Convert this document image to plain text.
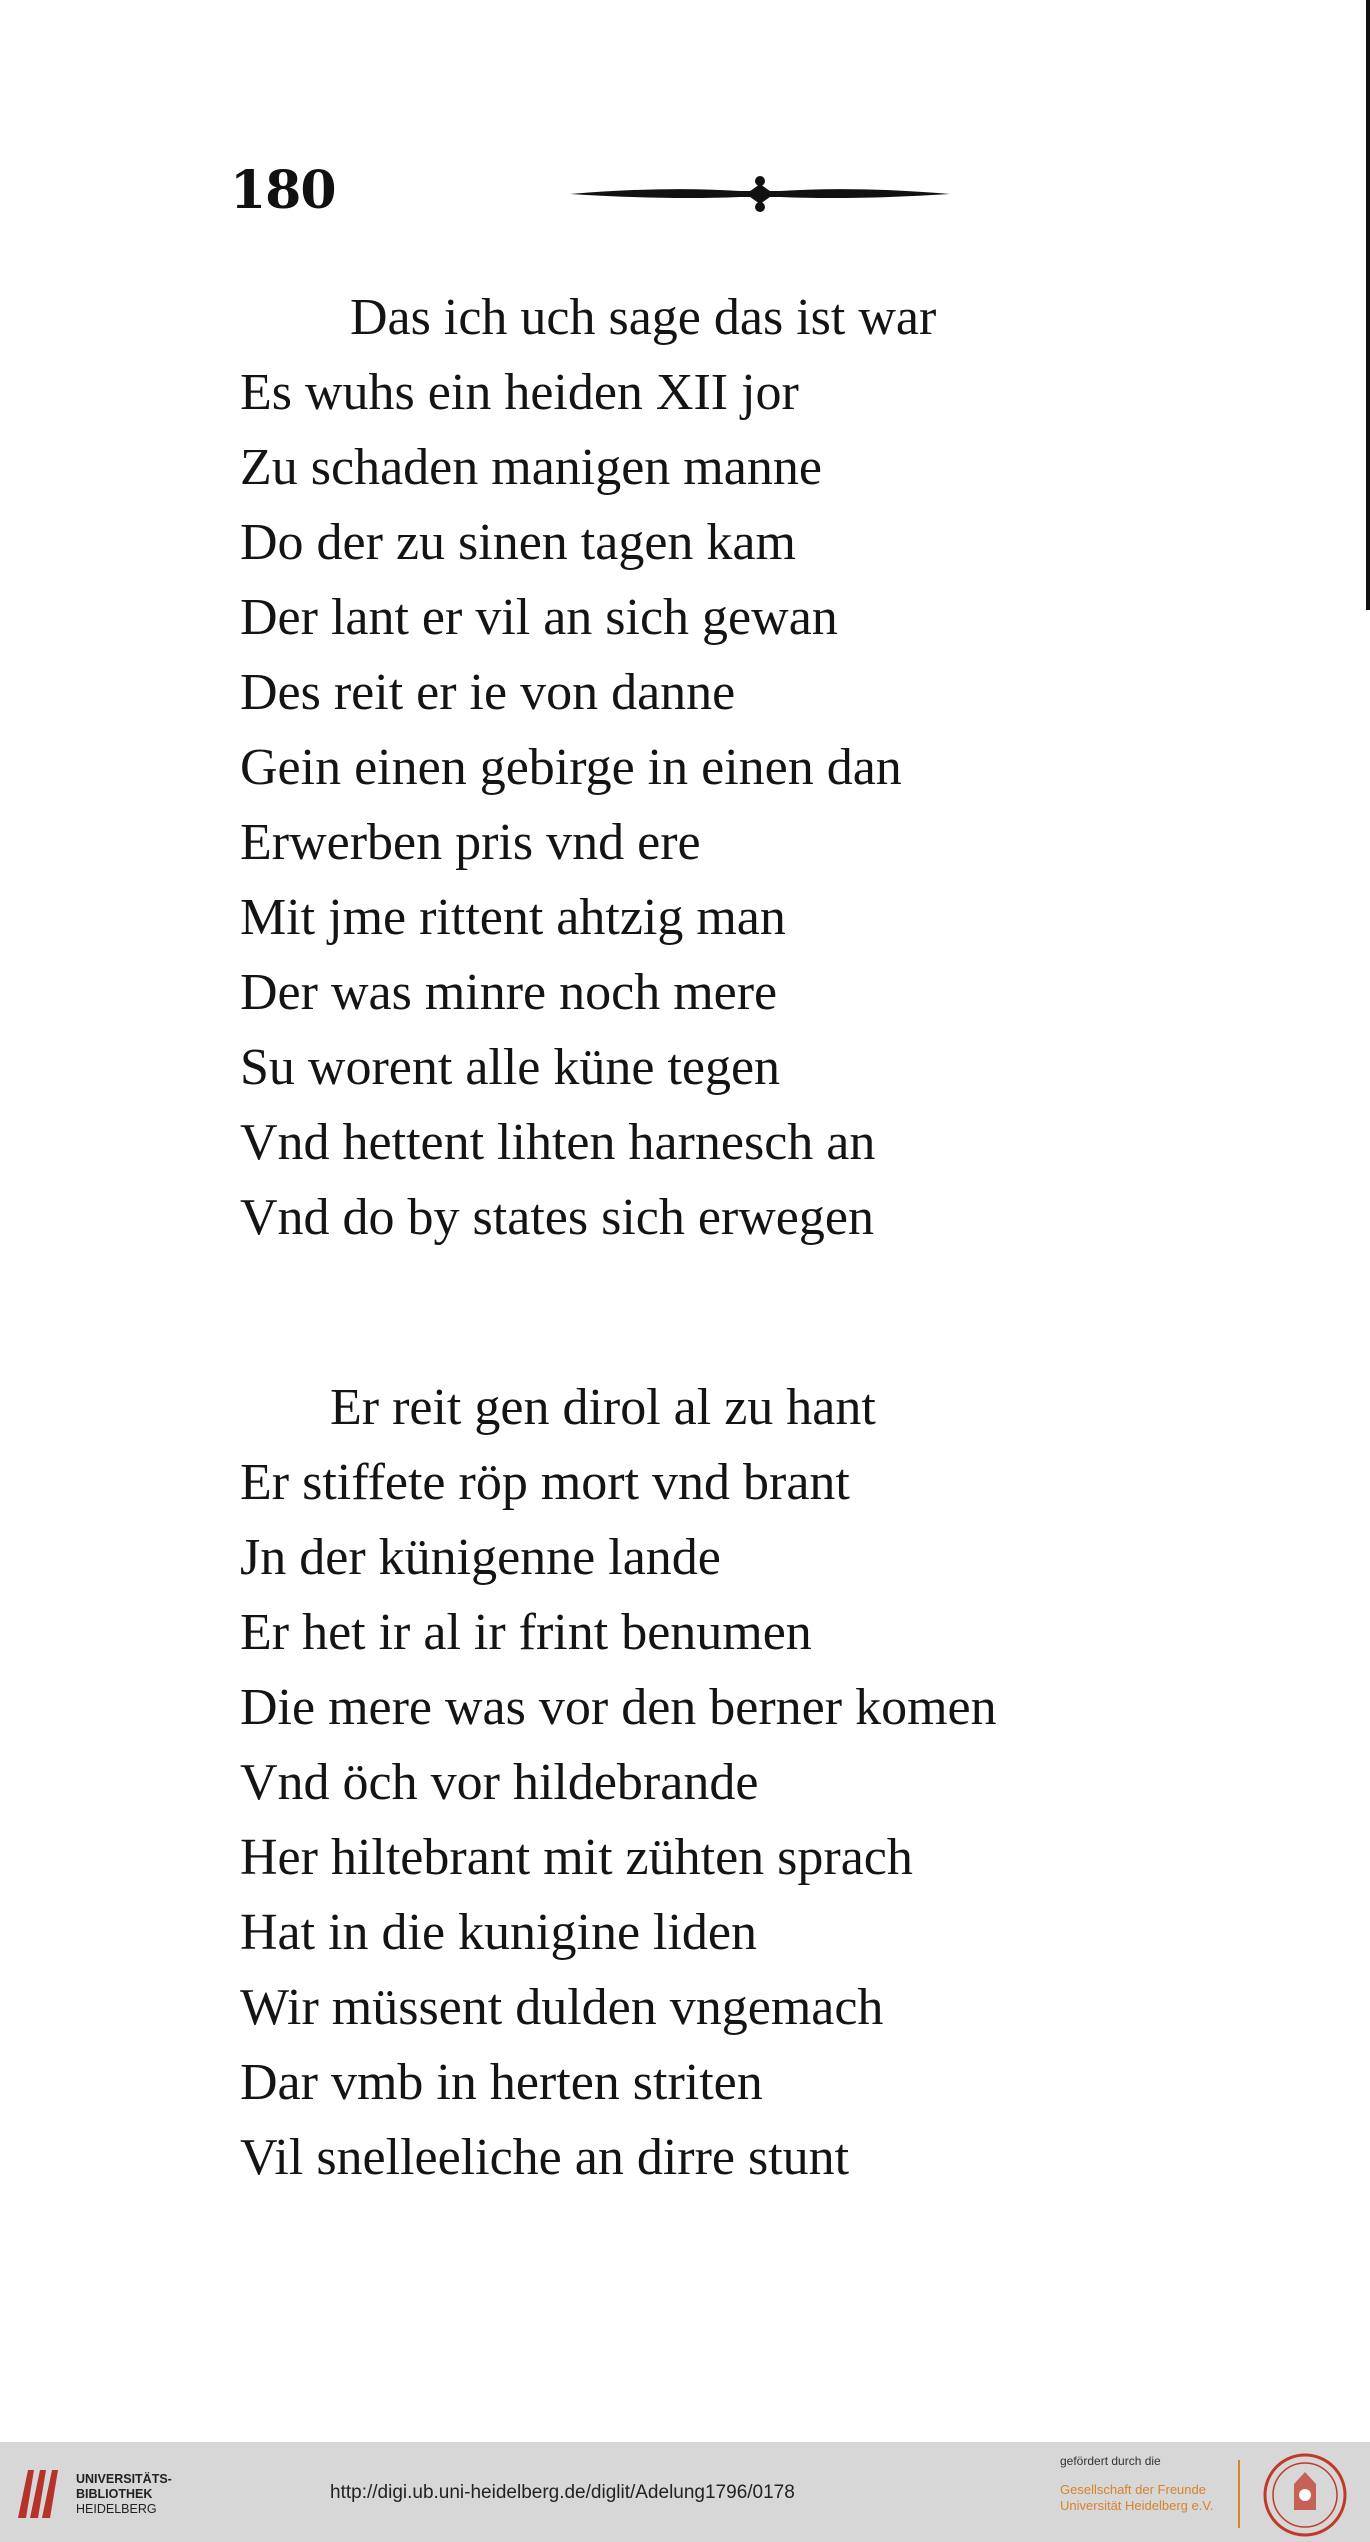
180
Das ich uch sage das ist war
Es wuhs ein heiden XII jor
Zu schaden manigen manne
Do der zu sinen tagen kam
Der lant er vil an sich gewan
Des reit er ie von danne
Gein einen gebirge in einen dan
Erwerben pris vnd ere
Mit jme rittent ahtzig man
Der was minre noch mere
Su worent alle küne tegen
Vnd hettent lihten harnesch an
Vnd do by states sich erwegen
Er reit gen dirol al zu hant
Er stiffete röp mort vnd brant
Jn der künigenne lande
Er het ir al ir frint benumen
Die mere was vor den berner komen
Vnd öch vor hildebrande
Her hiltebrant mit zühten sprach
Hat in die kunigine liden
Wir müssent dulden vngemach
Dar vmb in herten striten
Vil snelleeliche an dirre stunt
UNIVERSITÄTS-
BIBLIOTHEK
HEIDELBERG
http://digi.ub.uni-heidelberg.de/diglit/Adelung1796/0178
gefördert durch die
Gesellschaft der Freunde
Universität Heidelberg e.V.
